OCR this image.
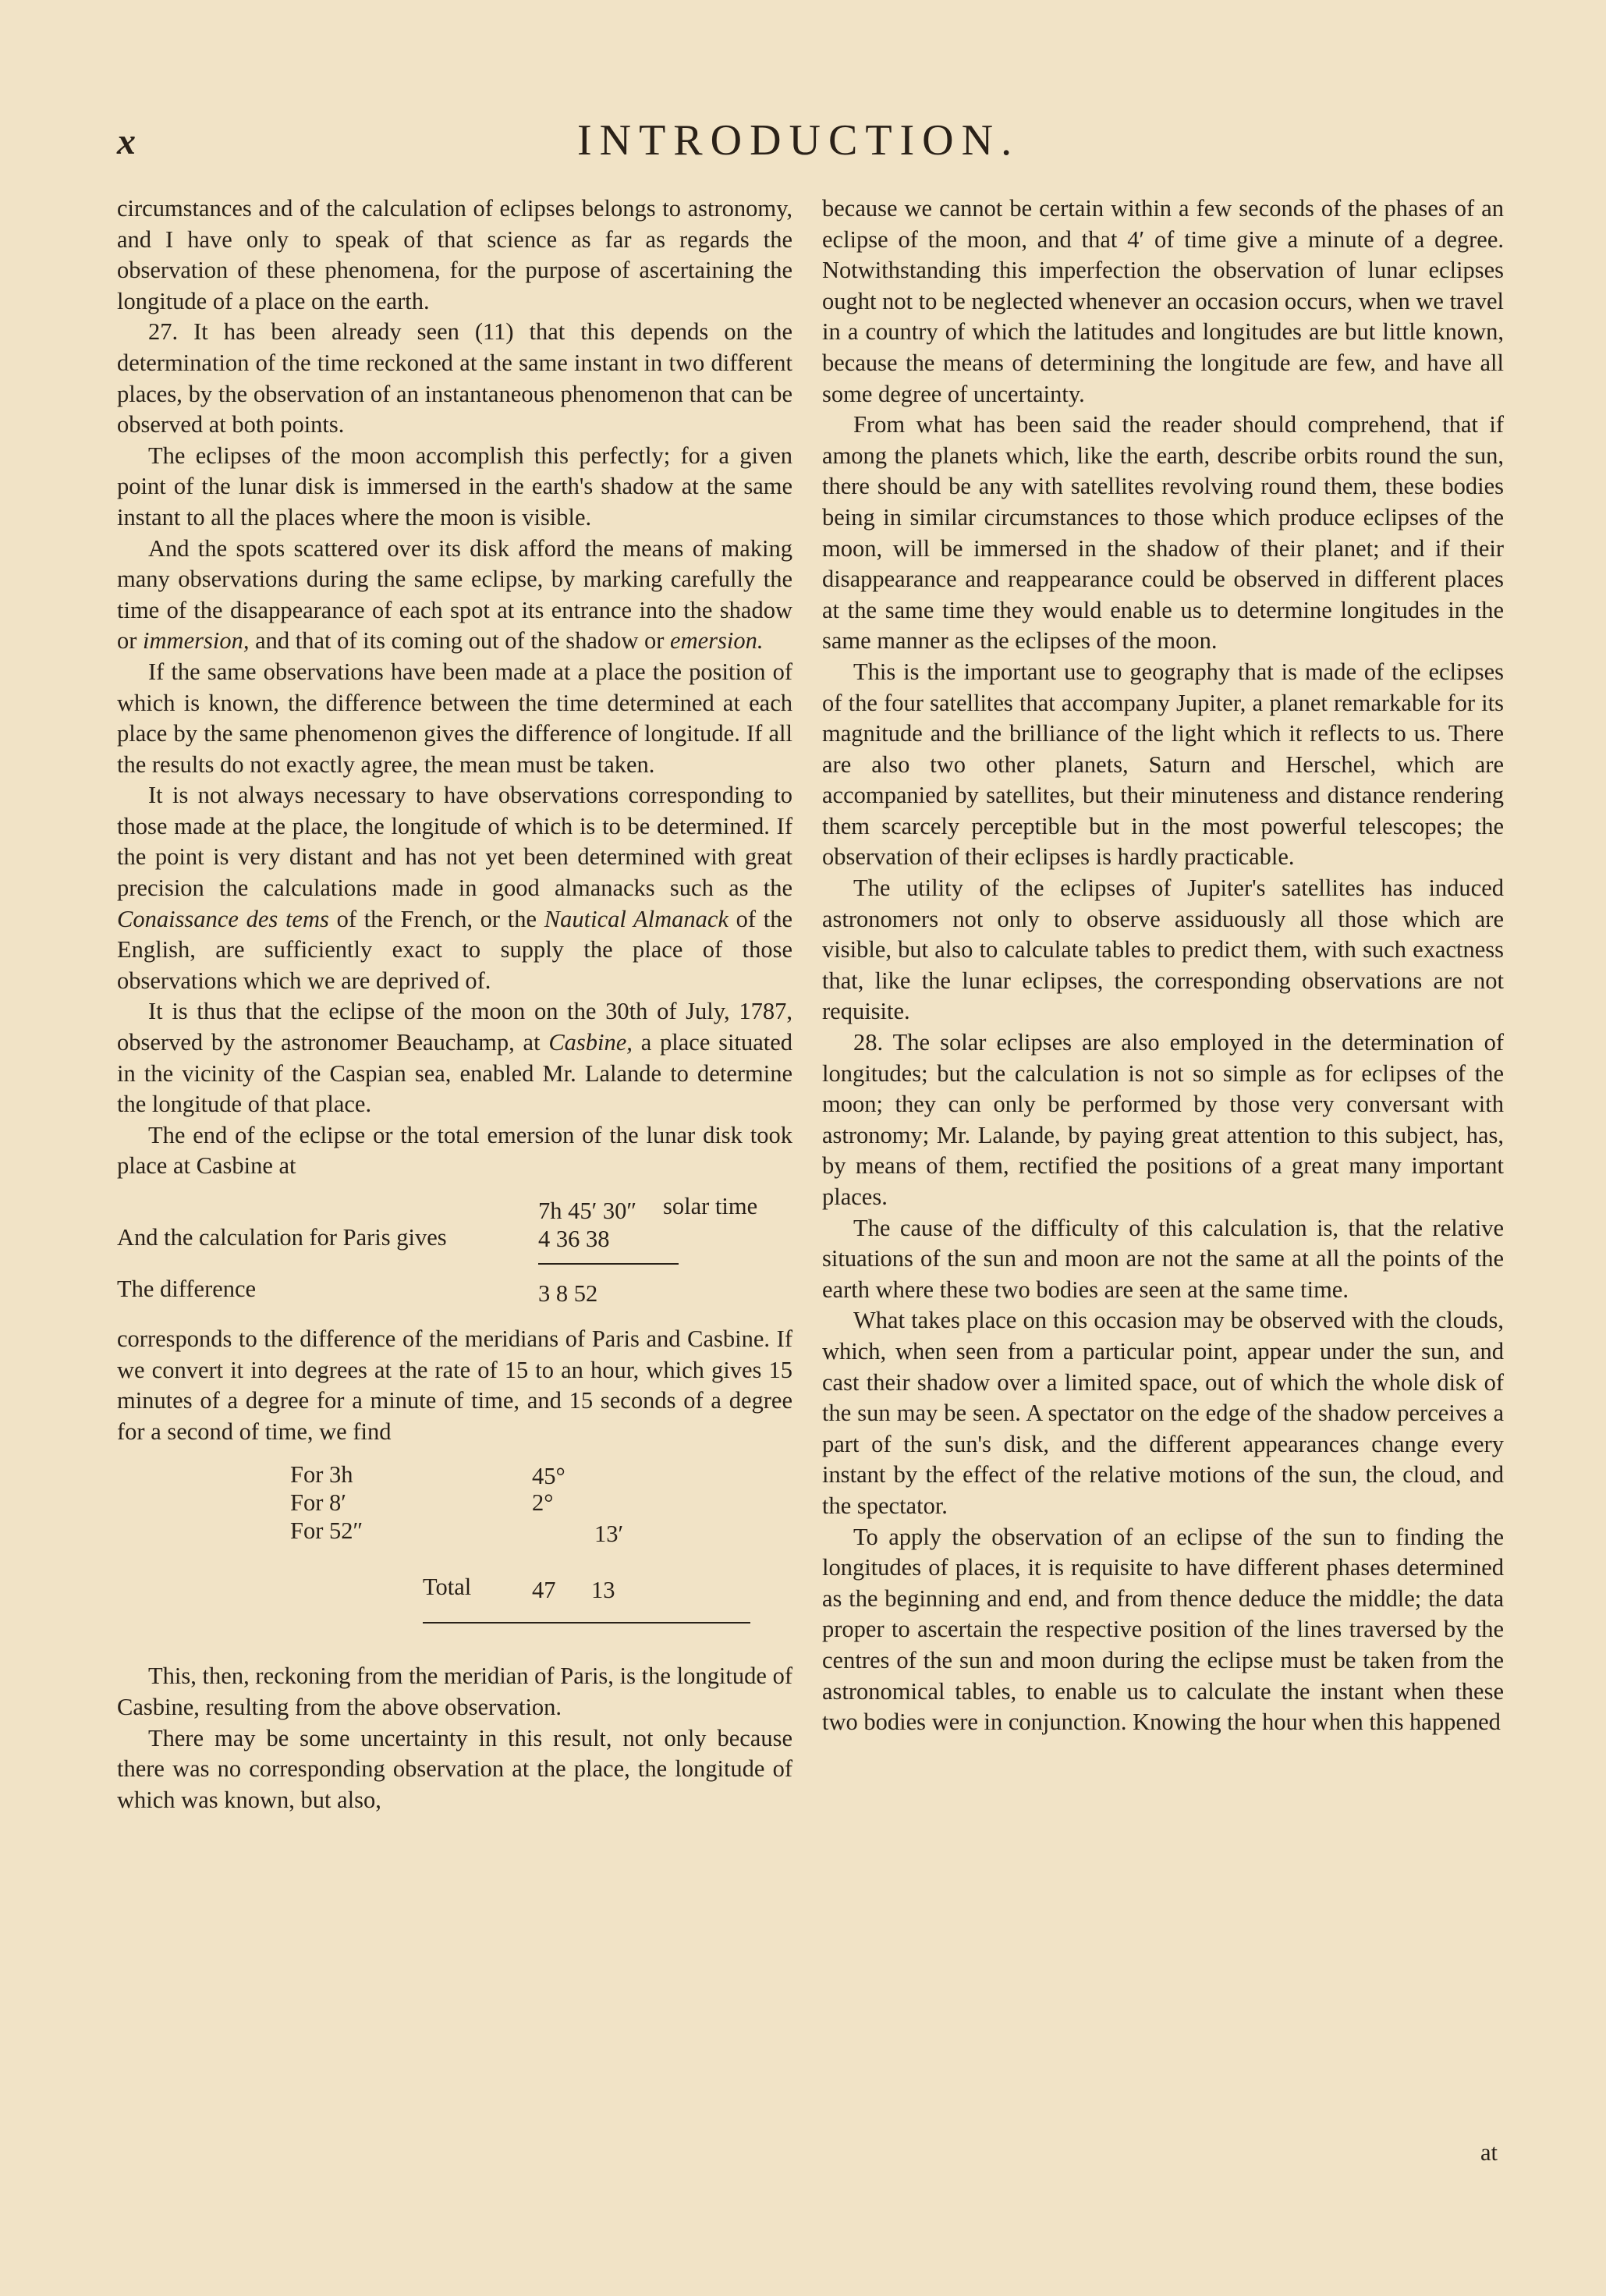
x	INTRODUCTION.

circumstances and of the calculation of eclipses belongs to astronomy, and I have only to speak of that science as far as regards the observation of these phenomena, for the purpose of ascertaining the longitude of a place on the earth.

27. It has been already seen (11) that this depends on the determination of the time reckoned at the same instant in two different places, by the observation of an instantaneous phenomenon that can be observed at both points.

The eclipses of the moon accomplish this perfectly; for a given point of the lunar disk is immersed in the earth's shadow at the same instant to all the places where the moon is visible.

And the spots scattered over its disk afford the means of making many observations during the same eclipse, by marking carefully the time of the disappearance of each spot at its entrance into the shadow or immersion, and that of its coming out of the shadow or emersion.

If the same observations have been made at a place the position of which is known, the difference between the time determined at each place by the same phenomenon gives the difference of longitude. If all the results do not exactly agree, the mean must be taken.

It is not always necessary to have observations corresponding to those made at the place, the longitude of which is to be determined. If the point is very distant and has not yet been determined with great precision the calculations made in good almanacks such as the Conaissance des tems of the French, or the Nautical Almanack of the English, are sufficiently exact to supply the place of those observations which we are deprived of.

It is thus that the eclipse of the moon on the 30th of July, 1787, observed by the astronomer Beauchamp, at Casbine, a place situated in the vicinity of the Caspian sea, enabled Mr. Lalande to determine the longitude of that place.

The end of the eclipse or the total emersion of the lunar disk took place at Casbine at

7h 45′ 30″ solar time
And the calculation for Paris gives	4 36 38
The difference	3 8 52

corresponds to the difference of the meridians of Paris and Casbine. If we convert it into degrees at the rate of 15 to an hour, which gives 15 minutes of a degree for a minute of time, and 15 seconds of a degree for a second of time, we find

For 3h	45°
For 8′	2°
For 52″	13′
Total	47 13

This, then, reckoning from the meridian of Paris, is the longitude of Casbine, resulting from the above observation.

There may be some uncertainty in this result, not only because there was no corresponding observation at the place, the longitude of which was known, but also,

because we cannot be certain within a few seconds of the phases of an eclipse of the moon, and that 4′ of time give a minute of a degree. Notwithstanding this imperfection the observation of lunar eclipses ought not to be neglected whenever an occasion occurs, when we travel in a country of which the latitudes and longitudes are but little known, because the means of determining the longitude are few, and have all some degree of uncertainty.

From what has been said the reader should comprehend, that if among the planets which, like the earth, describe orbits round the sun, there should be any with satellites revolving round them, these bodies being in similar circumstances to those which produce eclipses of the moon, will be immersed in the shadow of their planet; and if their disappearance and reappearance could be observed in different places at the same time they would enable us to determine longitudes in the same manner as the eclipses of the moon.

This is the important use to geography that is made of the eclipses of the four satellites that accompany Jupiter, a planet remarkable for its magnitude and the brilliance of the light which it reflects to us. There are also two other planets, Saturn and Herschel, which are accompanied by satellites, but their minuteness and distance rendering them scarcely perceptible but in the most powerful telescopes; the observation of their eclipses is hardly practicable.

The utility of the eclipses of Jupiter's satellites has induced astronomers not only to observe assiduously all those which are visible, but also to calculate tables to predict them, with such exactness that, like the lunar eclipses, the corresponding observations are not requisite.

28. The solar eclipses are also employed in the determination of longitudes; but the calculation is not so simple as for eclipses of the moon; they can only be performed by those very conversant with astronomy; Mr. Lalande, by paying great attention to this subject, has, by means of them, rectified the positions of a great many important places.

The cause of the difficulty of this calculation is, that the relative situations of the sun and moon are not the same at all the points of the earth where these two bodies are seen at the same time.

What takes place on this occasion may be observed with the clouds, which, when seen from a particular point, appear under the sun, and cast their shadow over a limited space, out of which the whole disk of the sun may be seen. A spectator on the edge of the shadow perceives a part of the sun's disk, and the different appearances change every instant by the effect of the relative motions of the sun, the cloud, and the spectator.

To apply the observation of an eclipse of the sun to finding the longitudes of places, it is requisite to have different phases determined as the beginning and end, and from thence deduce the middle; the data proper to ascertain the respective position of the lines traversed by the centres of the sun and moon during the eclipse must be taken from the astronomical tables, to enable us to calculate the instant when these two bodies were in conjunction. Knowing the hour when this happened

at
